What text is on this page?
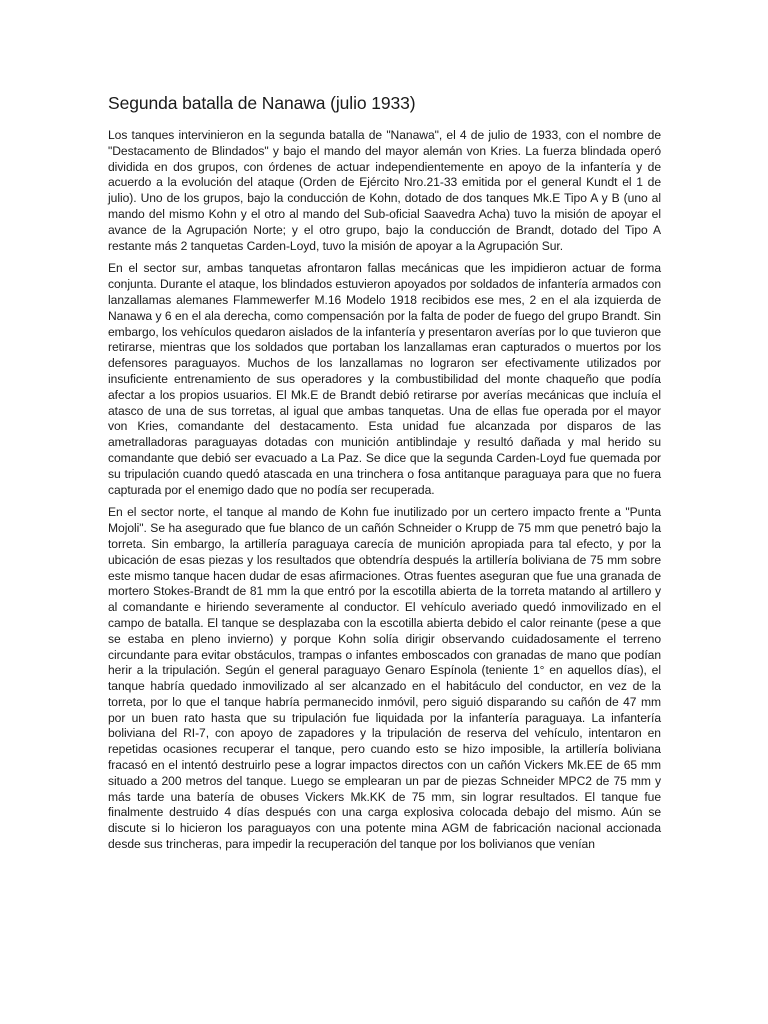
Segunda batalla de Nanawa (julio 1933)

Los tanques intervinieron en la segunda batalla de "Nanawa", el 4 de julio de 1933, con el nombre de "Destacamento de Blindados" y bajo el mando del mayor alemán von Kries. La fuerza blindada operó dividida en dos grupos, con órdenes de actuar independientemente en apoyo de la infantería y de acuerdo a la evolución del ataque (Orden de Ejército Nro.21-33 emitida por el general Kundt el 1 de julio). Uno de los grupos, bajo la conducción de Kohn, dotado de dos tanques Mk.E Tipo A y B (uno al mando del mismo Kohn y el otro al mando del Sub-oficial Saavedra Acha) tuvo la misión de apoyar el avance de la Agrupación Norte; y el otro grupo, bajo la conducción de Brandt, dotado del Tipo A restante más 2 tanquetas Carden-Loyd, tuvo la misión de apoyar a la Agrupación Sur.

En el sector sur, ambas tanquetas afrontaron fallas mecánicas que les impidieron actuar de forma conjunta. Durante el ataque, los blindados estuvieron apoyados por soldados de infantería armados con lanzallamas alemanes Flammewerfer M.16 Modelo 1918 recibidos ese mes, 2 en el ala izquierda de Nanawa y 6 en el ala derecha, como compensación por la falta de poder de fuego del grupo Brandt. Sin embargo, los vehículos quedaron aislados de la infantería y presentaron averías por lo que tuvieron que retirarse, mientras que los soldados que portaban los lanzallamas eran capturados o muertos por los defensores paraguayos. Muchos de los lanzallamas no lograron ser efectivamente utilizados por insuficiente entrenamiento de sus operadores y la combustibilidad del monte chaqueño que podía afectar a los propios usuarios. El Mk.E de Brandt debió retirarse por averías mecánicas que incluía el atasco de una de sus torretas, al igual que ambas tanquetas. Una de ellas fue operada por el mayor von Kries, comandante del destacamento. Esta unidad fue alcanzada por disparos de las ametralladoras paraguayas dotadas con munición antiblindaje y resultó dañada y mal herido su comandante que debió ser evacuado a La Paz. Se dice que la segunda Carden-Loyd fue quemada por su tripulación cuando quedó atascada en una trinchera o fosa antitanque paraguaya para que no fuera capturada por el enemigo dado que no podía ser recuperada.

En el sector norte, el tanque al mando de Kohn fue inutilizado por un certero impacto frente a "Punta Mojoli". Se ha asegurado que fue blanco de un cañón Schneider o Krupp de 75 mm que penetró bajo la torreta. Sin embargo, la artillería paraguaya carecía de munición apropiada para tal efecto, y por la ubicación de esas piezas y los resultados que obtendría después la artillería boliviana de 75 mm sobre este mismo tanque hacen dudar de esas afirmaciones. Otras fuentes aseguran que fue una granada de mortero Stokes-Brandt de 81 mm la que entró por la escotilla abierta de la torreta matando al artillero y al comandante e hiriendo severamente al conductor. El vehículo averiado quedó inmovilizado en el campo de batalla. El tanque se desplazaba con la escotilla abierta debido el calor reinante (pese a que se estaba en pleno invierno) y porque Kohn solía dirigir observando cuidadosamente el terreno circundante para evitar obstáculos, trampas o infantes emboscados con granadas de mano que podían herir a la tripulación. Según el general paraguayo Genaro Espínola (teniente 1° en aquellos días), el tanque habría quedado inmovilizado al ser alcanzado en el habitáculo del conductor, en vez de la torreta, por lo que el tanque habría permanecido inmóvil, pero siguió disparando su cañón de 47 mm por un buen rato hasta que su tripulación fue liquidada por la infantería paraguaya. La infantería boliviana del RI-7, con apoyo de zapadores y la tripulación de reserva del vehículo, intentaron en repetidas ocasiones recuperar el tanque, pero cuando esto se hizo imposible, la artillería boliviana fracasó en el intentó destruirlo pese a lograr impactos directos con un cañón Vickers Mk.EE de 65 mm situado a 200 metros del tanque. Luego se emplearan un par de piezas Schneider MPC2 de 75 mm y más tarde una batería de obuses Vickers Mk.KK de 75 mm, sin lograr resultados. El tanque fue finalmente destruido 4 días después con una carga explosiva colocada debajo del mismo. Aún se discute si lo hicieron los paraguayos con una potente mina AGM de fabricación nacional accionada desde sus trincheras, para impedir la recuperación del tanque por los bolivianos que venían
